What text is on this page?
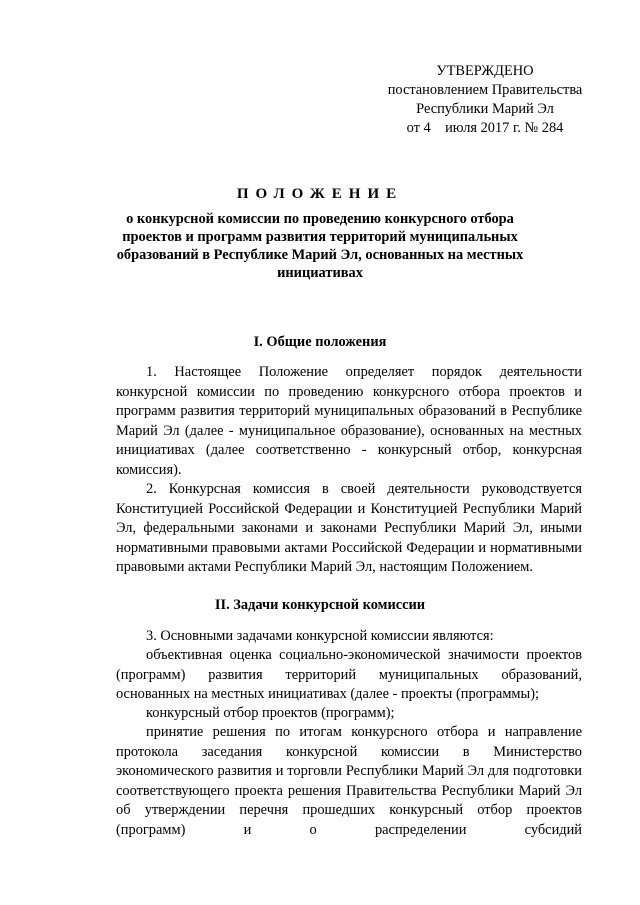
УТВЕРЖДЕНО
постановлением Правительства
Республики Марий Эл
от 4    июля 2017 г. № 284
ПОЛОЖЕНИЕ
о конкурсной комиссии по проведению конкурсного отбора проектов и программ развития территорий муниципальных образований в Республике Марий Эл, основанных на местных инициативах
I. Общие положения
1. Настоящее Положение определяет порядок деятельности конкурсной комиссии по проведению конкурсного отбора проектов и программ развития территорий муниципальных образований в Республике Марий Эл (далее - муниципальное образование), основанных на местных инициативах (далее соответственно - конкурсный отбор, конкурсная комиссия).
2. Конкурсная комиссия в своей деятельности руководствуется Конституцией Российской Федерации и Конституцией Республики Марий Эл, федеральными законами и законами Республики Марий Эл, иными нормативными правовыми актами Российской Федерации и нормативными правовыми актами Республики Марий Эл, настоящим Положением.
II. Задачи конкурсной комиссии
3. Основными задачами конкурсной комиссии являются:
объективная оценка социально-экономической значимости проектов (программ) развития территорий муниципальных образований, основанных на местных инициативах (далее - проекты (программы);
конкурсный отбор проектов (программ);
принятие решения по итогам конкурсного отбора и направление протокола заседания конкурсной комиссии в Министерство экономического развития и торговли Республики Марий Эл для подготовки соответствующего проекта решения Правительства Республики Марий Эл об утверждении перечня прошедших конкурсный отбор проектов (программ) и о распределении субсидий
